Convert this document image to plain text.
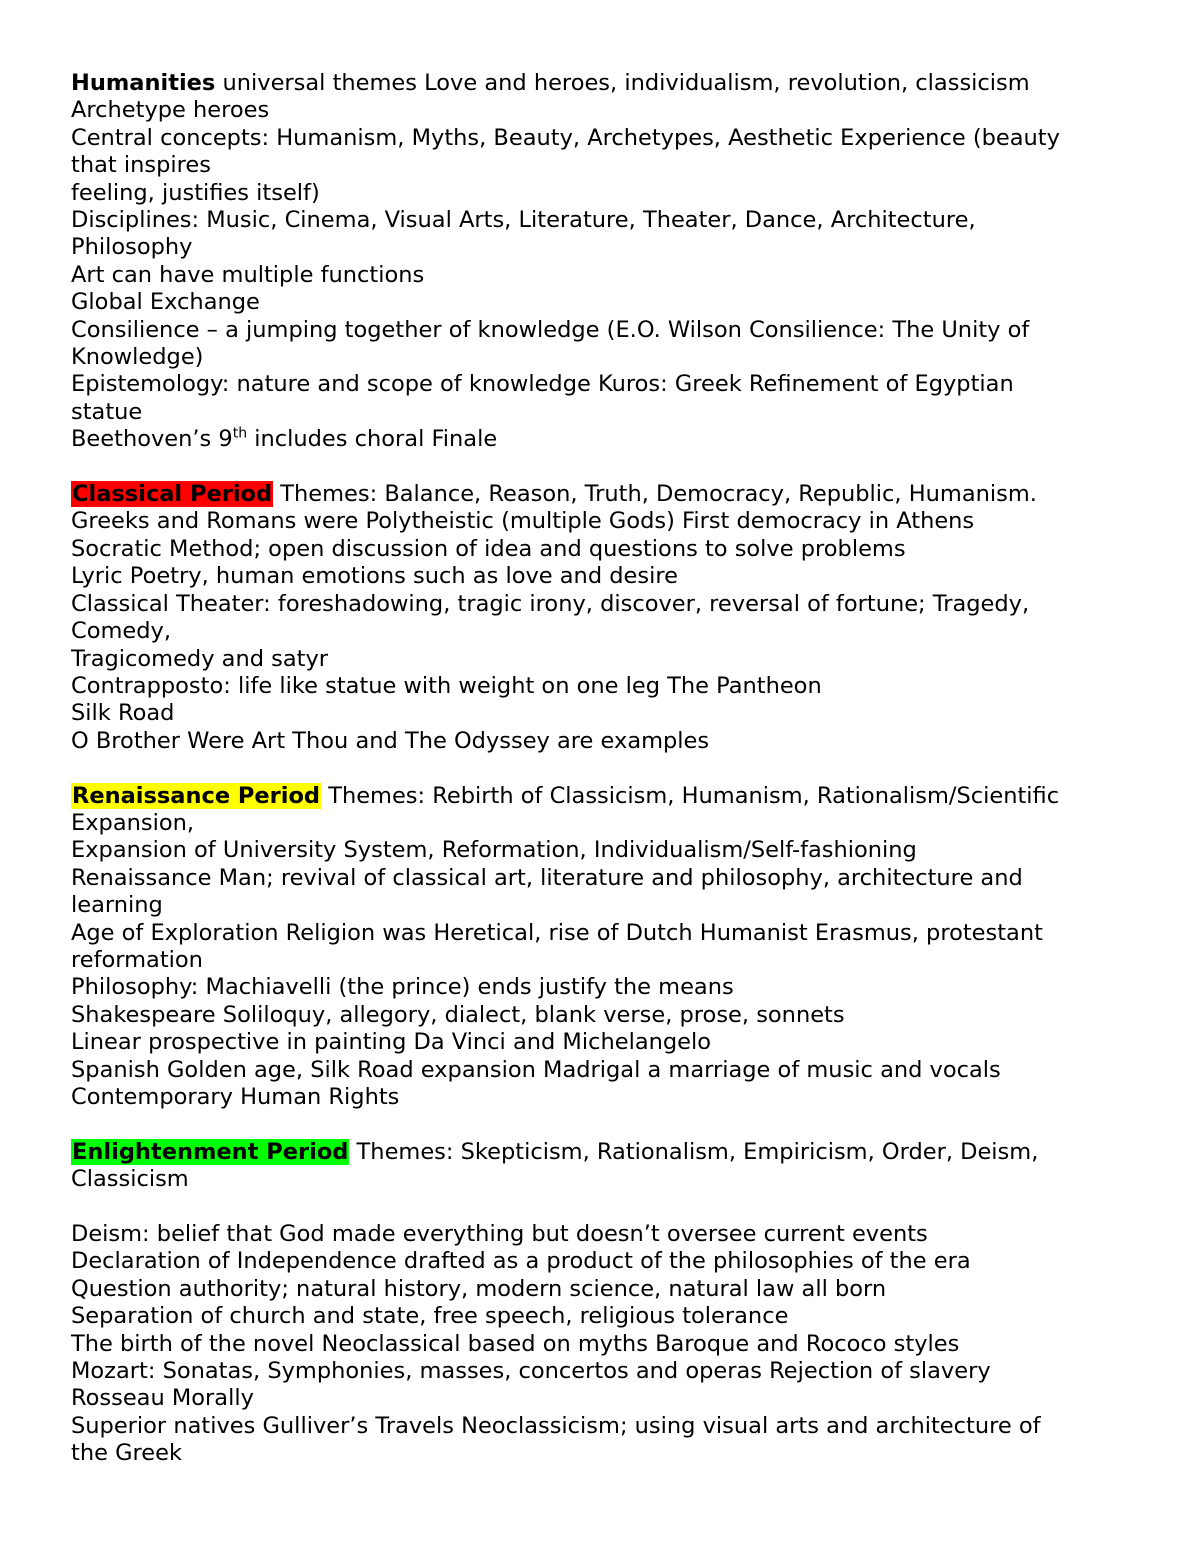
Humanities universal themes Love and heroes, individualism, revolution, classicism
Archetype heroes
Central concepts: Humanism, Myths, Beauty, Archetypes, Aesthetic Experience (beauty
that inspires
feeling, justifies itself)
Disciplines: Music, Cinema, Visual Arts, Literature, Theater, Dance, Architecture,
Philosophy
Art can have multiple functions
Global Exchange
Consilience – a jumping together of knowledge (E.O. Wilson Consilience: The Unity of
Knowledge)
Epistemology: nature and scope of knowledge Kuros: Greek Refinement of Egyptian
statue
Beethoven’s 9th includes choral Finale
Classical Period Themes: Balance, Reason, Truth, Democracy, Republic, Humanism.
Greeks and Romans were Polytheistic (multiple Gods) First democracy in Athens
Socratic Method; open discussion of idea and questions to solve problems
Lyric Poetry, human emotions such as love and desire
Classical Theater: foreshadowing, tragic irony, discover, reversal of fortune; Tragedy,
Comedy,
Tragicomedy and satyr
Contrapposto: life like statue with weight on one leg The Pantheon
Silk Road
O Brother Were Art Thou and The Odyssey are examples
Renaissance Period Themes: Rebirth of Classicism, Humanism, Rationalism/Scientific
Expansion,
Expansion of University System, Reformation, Individualism/Self-fashioning
Renaissance Man; revival of classical art, literature and philosophy, architecture and
learning
Age of Exploration Religion was Heretical, rise of Dutch Humanist Erasmus, protestant
reformation
Philosophy: Machiavelli (the prince) ends justify the means
Shakespeare Soliloquy, allegory, dialect, blank verse, prose, sonnets
Linear prospective in painting Da Vinci and Michelangelo
Spanish Golden age, Silk Road expansion Madrigal a marriage of music and vocals
Contemporary Human Rights
Enlightenment Period Themes: Skepticism, Rationalism, Empiricism, Order, Deism,
Classicism
Deism: belief that God made everything but doesn’t oversee current events
Declaration of Independence drafted as a product of the philosophies of the era
Question authority; natural history, modern science, natural law all born
Separation of church and state, free speech, religious tolerance
The birth of the novel Neoclassical based on myths Baroque and Rococo styles
Mozart: Sonatas, Symphonies, masses, concertos and operas Rejection of slavery
Rosseau Morally
Superior natives Gulliver’s Travels Neoclassicism; using visual arts and architecture of
the Greek
